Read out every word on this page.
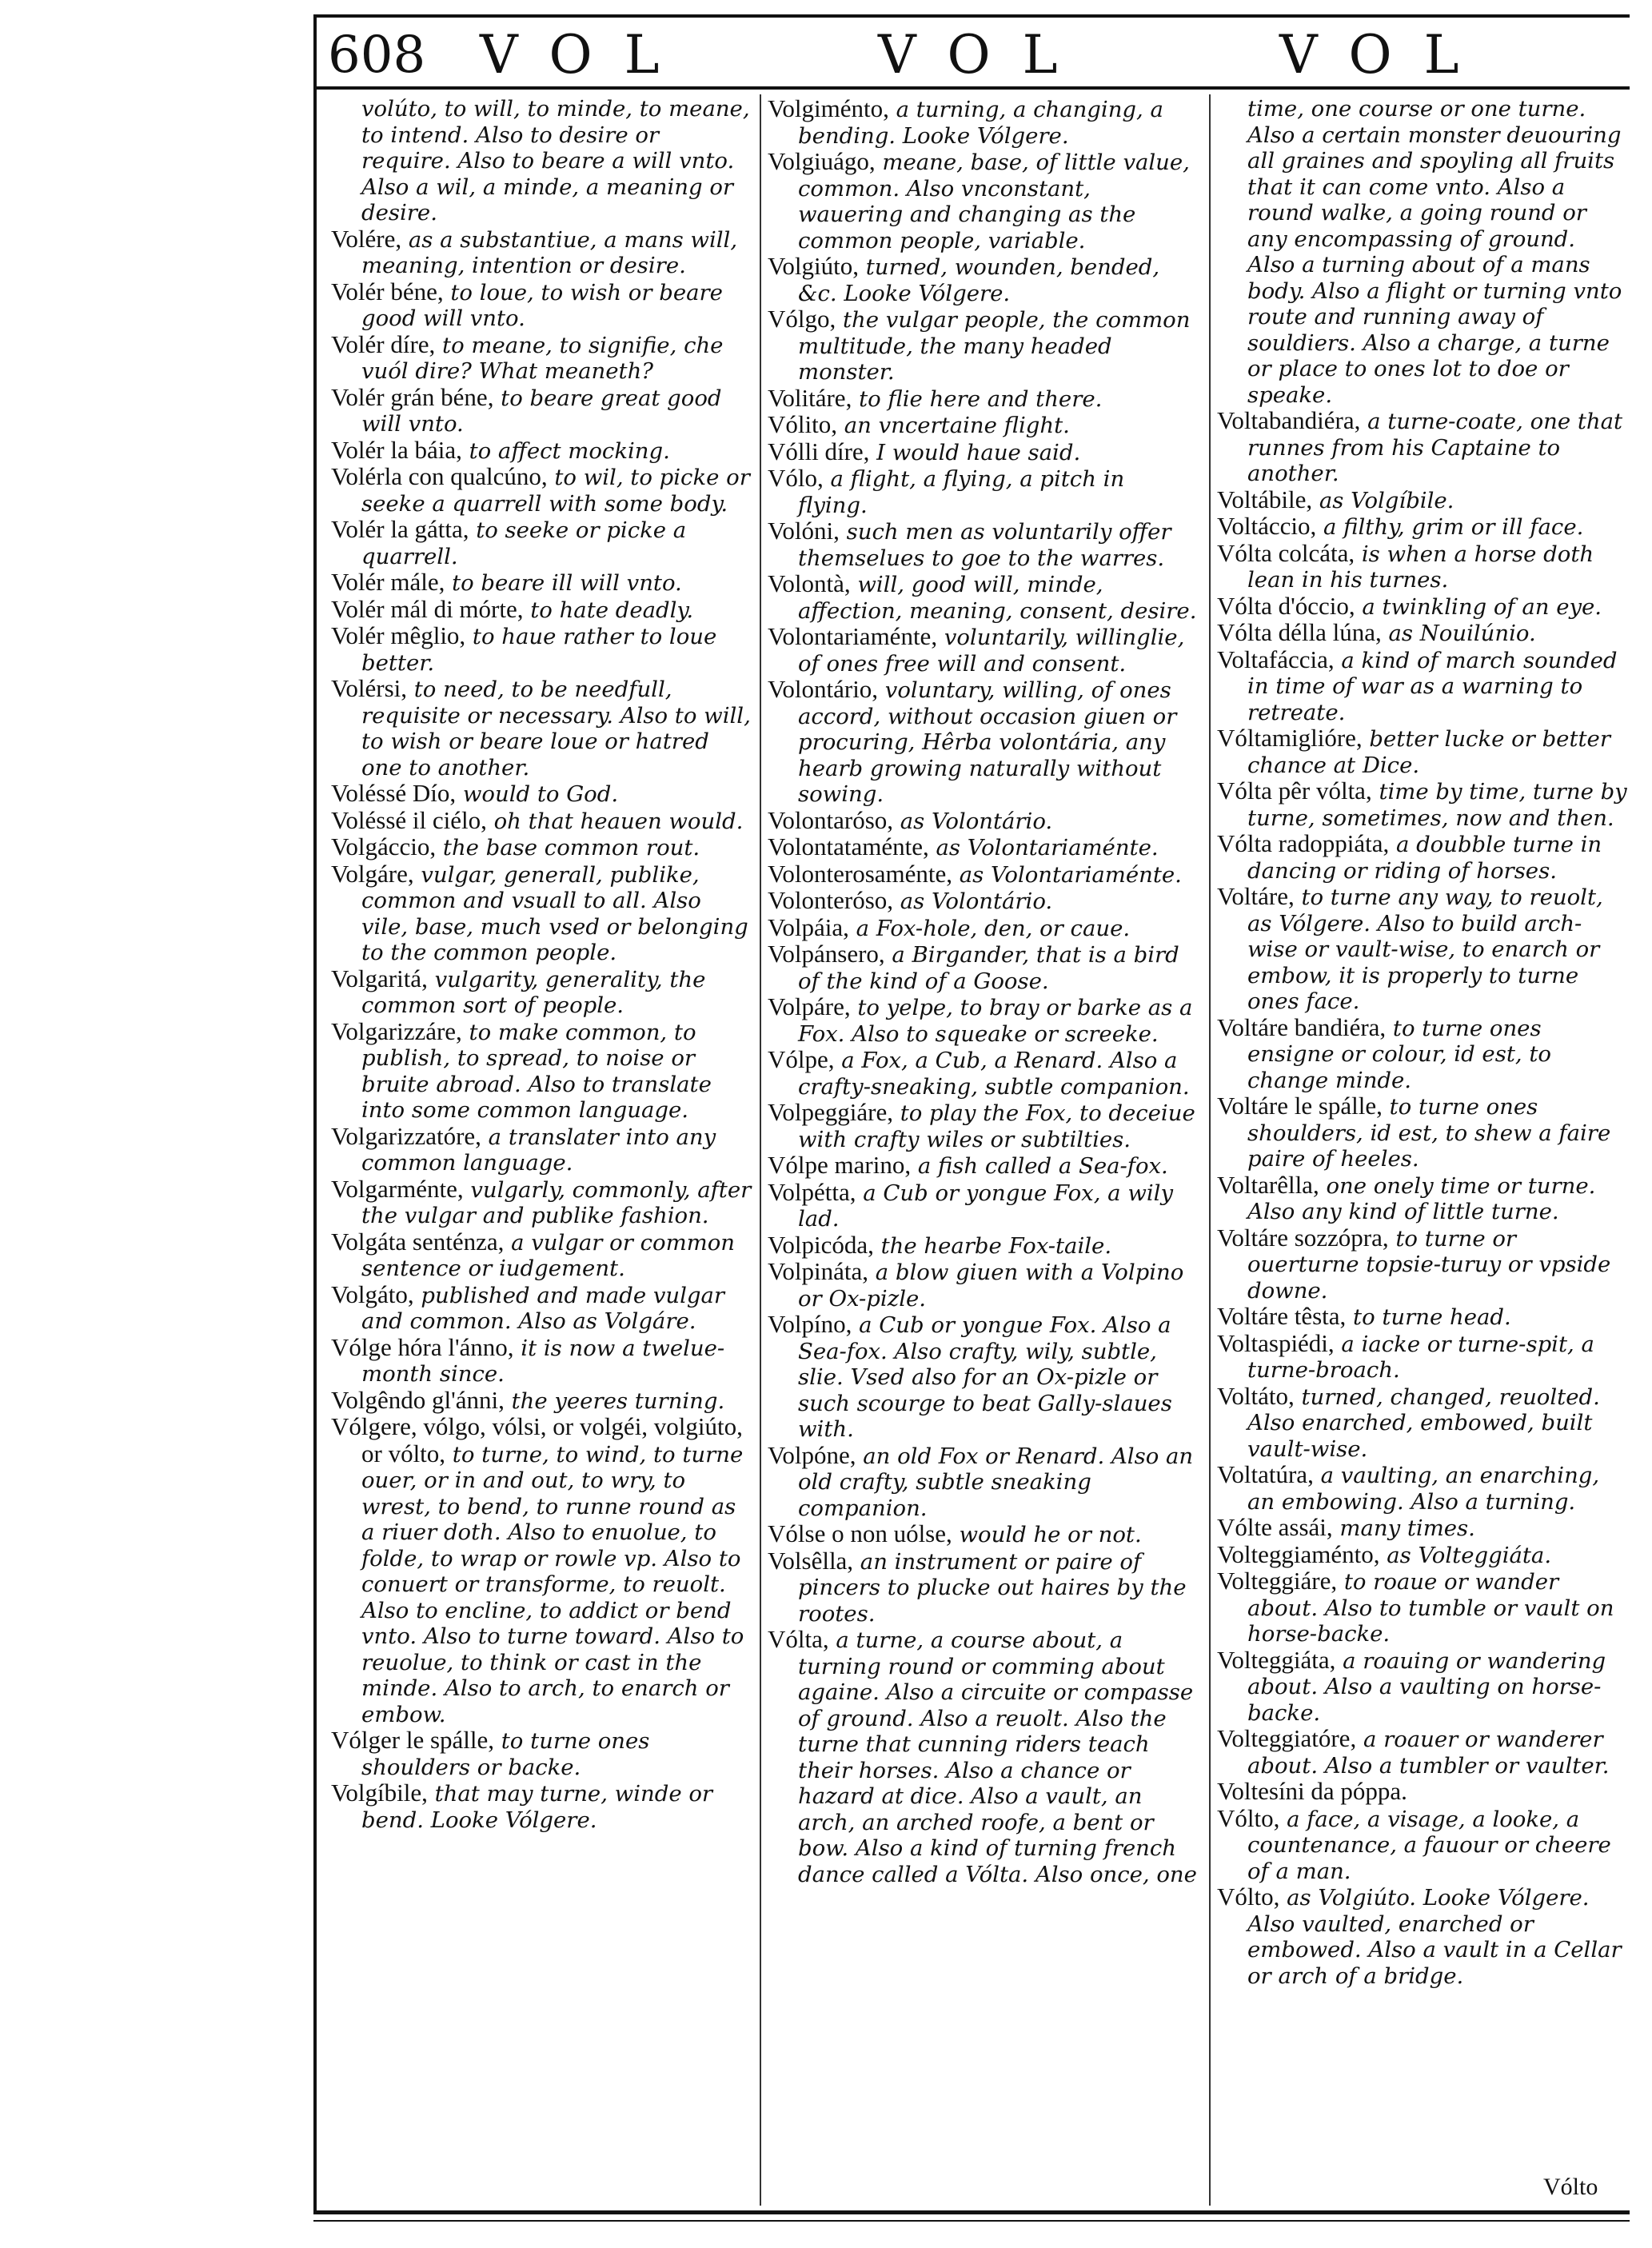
608 VOL	VOL	VOL
volúto, to will, to minde, to meane, to intend. Also to desire or require. Also to beare a will vnto. Also a wil, a minde, a meaning or desire.
Volére, as a substantiue, a mans will, meaning, intention or desire.
Volér béne, to loue, to wish or beare good will vnto.
Volér díre, to meane, to signifie, che vuól dire? What meaneth?
Volér grán béne, to beare great good will vnto.
Volér la báia, to affect mocking.
Volérla con qualcúno, to wil, to picke or seeke a quarrell with some body.
Volér la gátta, to seeke or picke a quarrell.
Volér mále, to beare ill will vnto.
Volér mál di mórte, to hate deadly.
Volér mêglio, to haue rather to loue better.
Volérsi, to need, to be needfull, requisite or necessary. Also to will, to wish or beare loue or hatred one to another.
Voléssé Dío, would to God.
Voléssé il ciélo, oh that heauen would.
Volgáccio, the base common rout.
Volgáre, vulgar, generall, publike, common and vsuall to all. Also vile, base, much vsed or belonging to the common people.
Volgaritá, vulgarity, generality, the common sort of people.
Volgarizzáre, to make common, to publish, to spread, to noise or bruite abroad. Also to translate into some common language.
Volgarizzatóre, a translater into any common language.
Volgarménte, vulgarly, commonly, after the vulgar and publike fashion.
Volgáta senténza, a vulgar or common sentence or iudgement.
Volgáto, published and made vulgar and common. Also as Volgáre.
Vólge hóra l'ánno, it is now a twelue-month since.
Volgêndo gl'ánni, the yeeres turning.
Vólgere, vólgo, vólsi, or volgéi, volgiúto, or vólto, to turne, to wind, to turne ouer, or in and out, to wry, to wrest, to bend, to runne round as a riuer doth. Also to enuolue, to folde, to wrap or rowle vp. Also to conuert or transforme, to reuolt. Also to encline, to addict or bend vnto. Also to turne toward. Also to reuolue, to think or cast in the minde. Also to arch, to enarch or embow.
Vólger le spálle, to turne ones shoulders or backe.
Volgíbile, that may turne, winde or bend. Looke Vólgere.
Volgiménto, a turning, a changing, a bending. Looke Vólgere.
Volgiuágo, meane, base, of little value, common. Also vnconstant, wauering and changing as the common people, variable.
Volgiúto, turned, wounden, bended, &c. Looke Vólgere.
Vólgo, the vulgar people, the common multitude, the many headed monster.
Volitáre, to flie here and there.
Vólito, an vncertaine flight.
Vólli díre, I would haue said.
Vólo, a flight, a flying, a pitch in flying.
Volóni, such men as voluntarily offer themselues to goe to the warres.
Volontà, will, good will, minde, affection, meaning, consent, desire.
Volontariaménte, voluntarily, willinglie, of ones free will and consent.
Volontário, voluntary, willing, of ones accord, without occasion giuen or procuring, Hêrba volontária, any hearb growing naturally without sowing.
Volontaróso, as Volontário.
Volontataménte, as Volontariaménte.
Volonterosaménte, as Volontariaménte.
Volonteróso, as Volontário.
Volpáia, a Fox-hole, den, or caue.
Volpánsero, a Birgander, that is a bird of the kind of a Goose.
Volpáre, to yelpe, to bray or barke as a Fox. Also to squeake or screeke.
Vólpe, a Fox, a Cub, a Renard. Also a crafty-sneaking, subtle companion.
Volpeggiáre, to play the Fox, to deceiue with crafty wiles or subtilties.
Vólpe marino, a fish called a Sea-fox.
Volpétta, a Cub or yongue Fox, a wily lad.
Volpicóda, the hearbe Fox-taile.
Volpináta, a blow giuen with a Volpino or Ox-pizle.
Volpíno, a Cub or yongue Fox. Also a Sea-fox. Also crafty, wily, subtle, slie. Vsed also for an Ox-pizle or such scourge to beat Gally-slaues with.
Volpóne, an old Fox or Renard. Also an old crafty, subtle sneaking companion.
Vólse o non uólse, would he or not.
Volsêlla, an instrument or paire of pincers to plucke out haires by the rootes.
Vólta, a turne, a course about, a turning round or comming about againe. Also a circuite or compasse of ground. Also a reuolt. Also the turne that cunning riders teach their horses. Also a chance or hazard at dice. Also a vault, an arch, an arched roofe, a bent or bow. Also a kind of turning french dance called a Vólta. Also once, one
time, one course or one turne. Also a certain monster deuouring all graines and spoyling all fruits that it can come vnto. Also a round walke, a going round or any encompassing of ground. Also a turning about of a mans body. Also a flight or turning vnto route and running away of souldiers. Also a charge, a turne or place to ones lot to doe or speake.
Voltabandiéra, a turne-coate, one that runnes from his Captaine to another.
Voltábile, as Volgíbile.
Voltáccio, a filthy, grim or ill face.
Vólta colcáta, is when a horse doth lean in his turnes.
Vólta d'óccio, a twinkling of an eye.
Vólta délla lúna, as Nouilúnio.
Voltafáccia, a kind of march sounded in time of war as a warning to retreate.
Vóltamiglióre, better lucke or better chance at Dice.
Vólta pêr vólta, time by time, turne by turne, sometimes, now and then.
Vólta radoppiáta, a doubble turne in dancing or riding of horses.
Voltáre, to turne any way, to reuolt, as Vólgere. Also to build arch-wise or vault-wise, to enarch or embow, it is properly to turne ones face.
Voltáre bandiéra, to turne ones ensigne or colour, id est, to change minde.
Voltáre le spálle, to turne ones shoulders, id est, to shew a faire paire of heeles.
Voltarêlla, one onely time or turne. Also any kind of little turne.
Voltáre sozzópra, to turne or ouerturne topsie-turuy or vpside downe.
Voltáre têsta, to turne head.
Voltaspiédi, a iacke or turne-spit, a turne-broach.
Voltáto, turned, changed, reuolted. Also enarched, embowed, built vault-wise.
Voltatúra, a vaulting, an enarching, an embowing. Also a turning.
Vólte assái, many times.
Volteggiaménto, as Volteggiáta.
Volteggiáre, to roaue or wander about. Also to tumble or vault on horse-backe.
Volteggiáta, a roauing or wandering about. Also a vaulting on horse-backe.
Volteggiatóre, a roauer or wanderer about. Also a tumbler or vaulter.
Voltesíni da póppa.
Vólto, a face, a visage, a looke, a countenance, a fauour or cheere of a man.
Vólto, as Volgiúto. Looke Vólgere. Also vaulted, enarched or embowed. Also a vault in a Cellar or arch of a bridge.
Vólto
